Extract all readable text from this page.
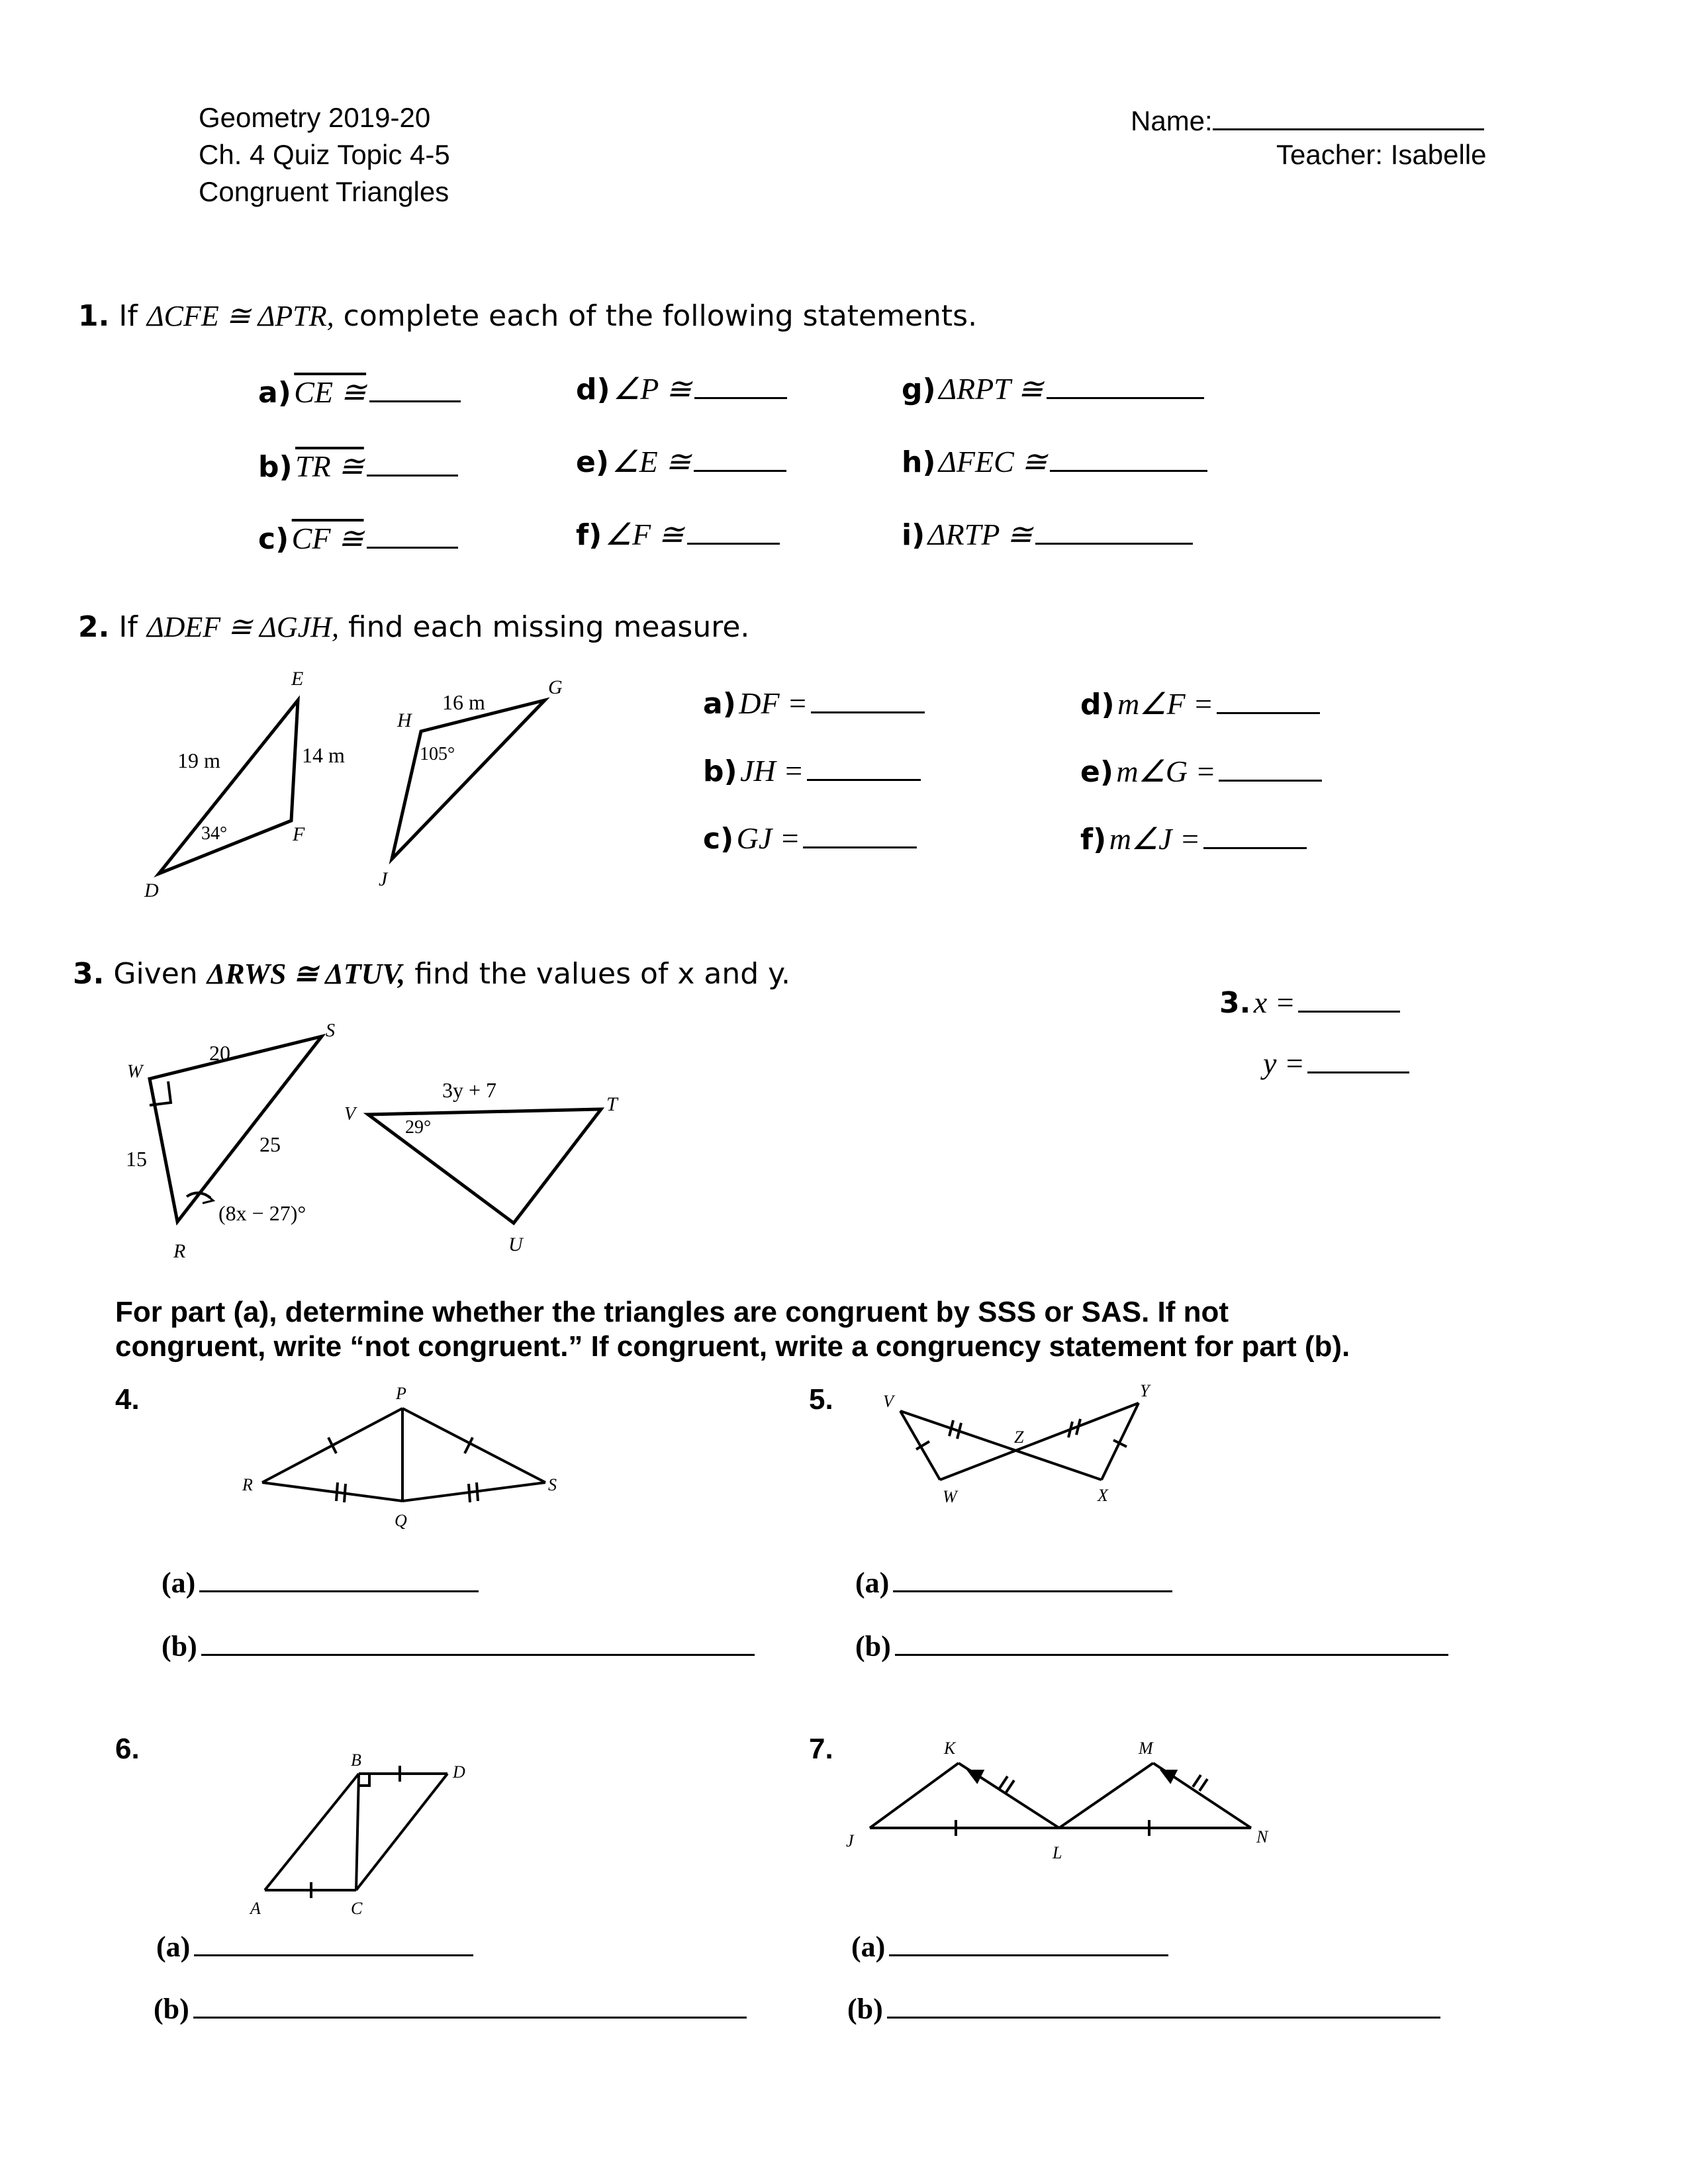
Geometry 2019-20
Ch. 4 Quiz Topic 4-5
Congruent Triangles
Name:
Teacher: Isabelle
1. If ΔCFE ≅ ΔPTR, complete each of the following statements.
a) CE ≅
b) TR ≅
c) CF ≅
d) ∠P ≅
e) ∠E ≅
f) ∠F ≅
g) ΔRPT ≅
h) ΔFEC ≅
i) ΔRTP ≅
2. If ΔDEF ≅ ΔGJH, find each missing measure.
E
D
F
19 m	14 m
34°
H
G
J
16 m
105°
a) DF =
b) JH =
c) GJ =
d) m∠F =
e) m∠G =
f) m∠J =
3. Given ΔRWS ≅ ΔTUV, find the values of x and y.
3. x =
y =
W
S
R
20
15
25
(8x − 27)°
V	T
U
3y + 7
29°
For part (a), determine whether the triangles are congruent by SSS or SAS. If not
congruent, write “not congruent.” If congruent, write a congruency statement for part (b).
4.	5.
6.	7.
P
R	S
Q
V
Y
Z
W	X
B
D
A	C
K	M
J
L
N
(a)
(b)
(a)
(b)
(a)
(b)
(a)
(b)
